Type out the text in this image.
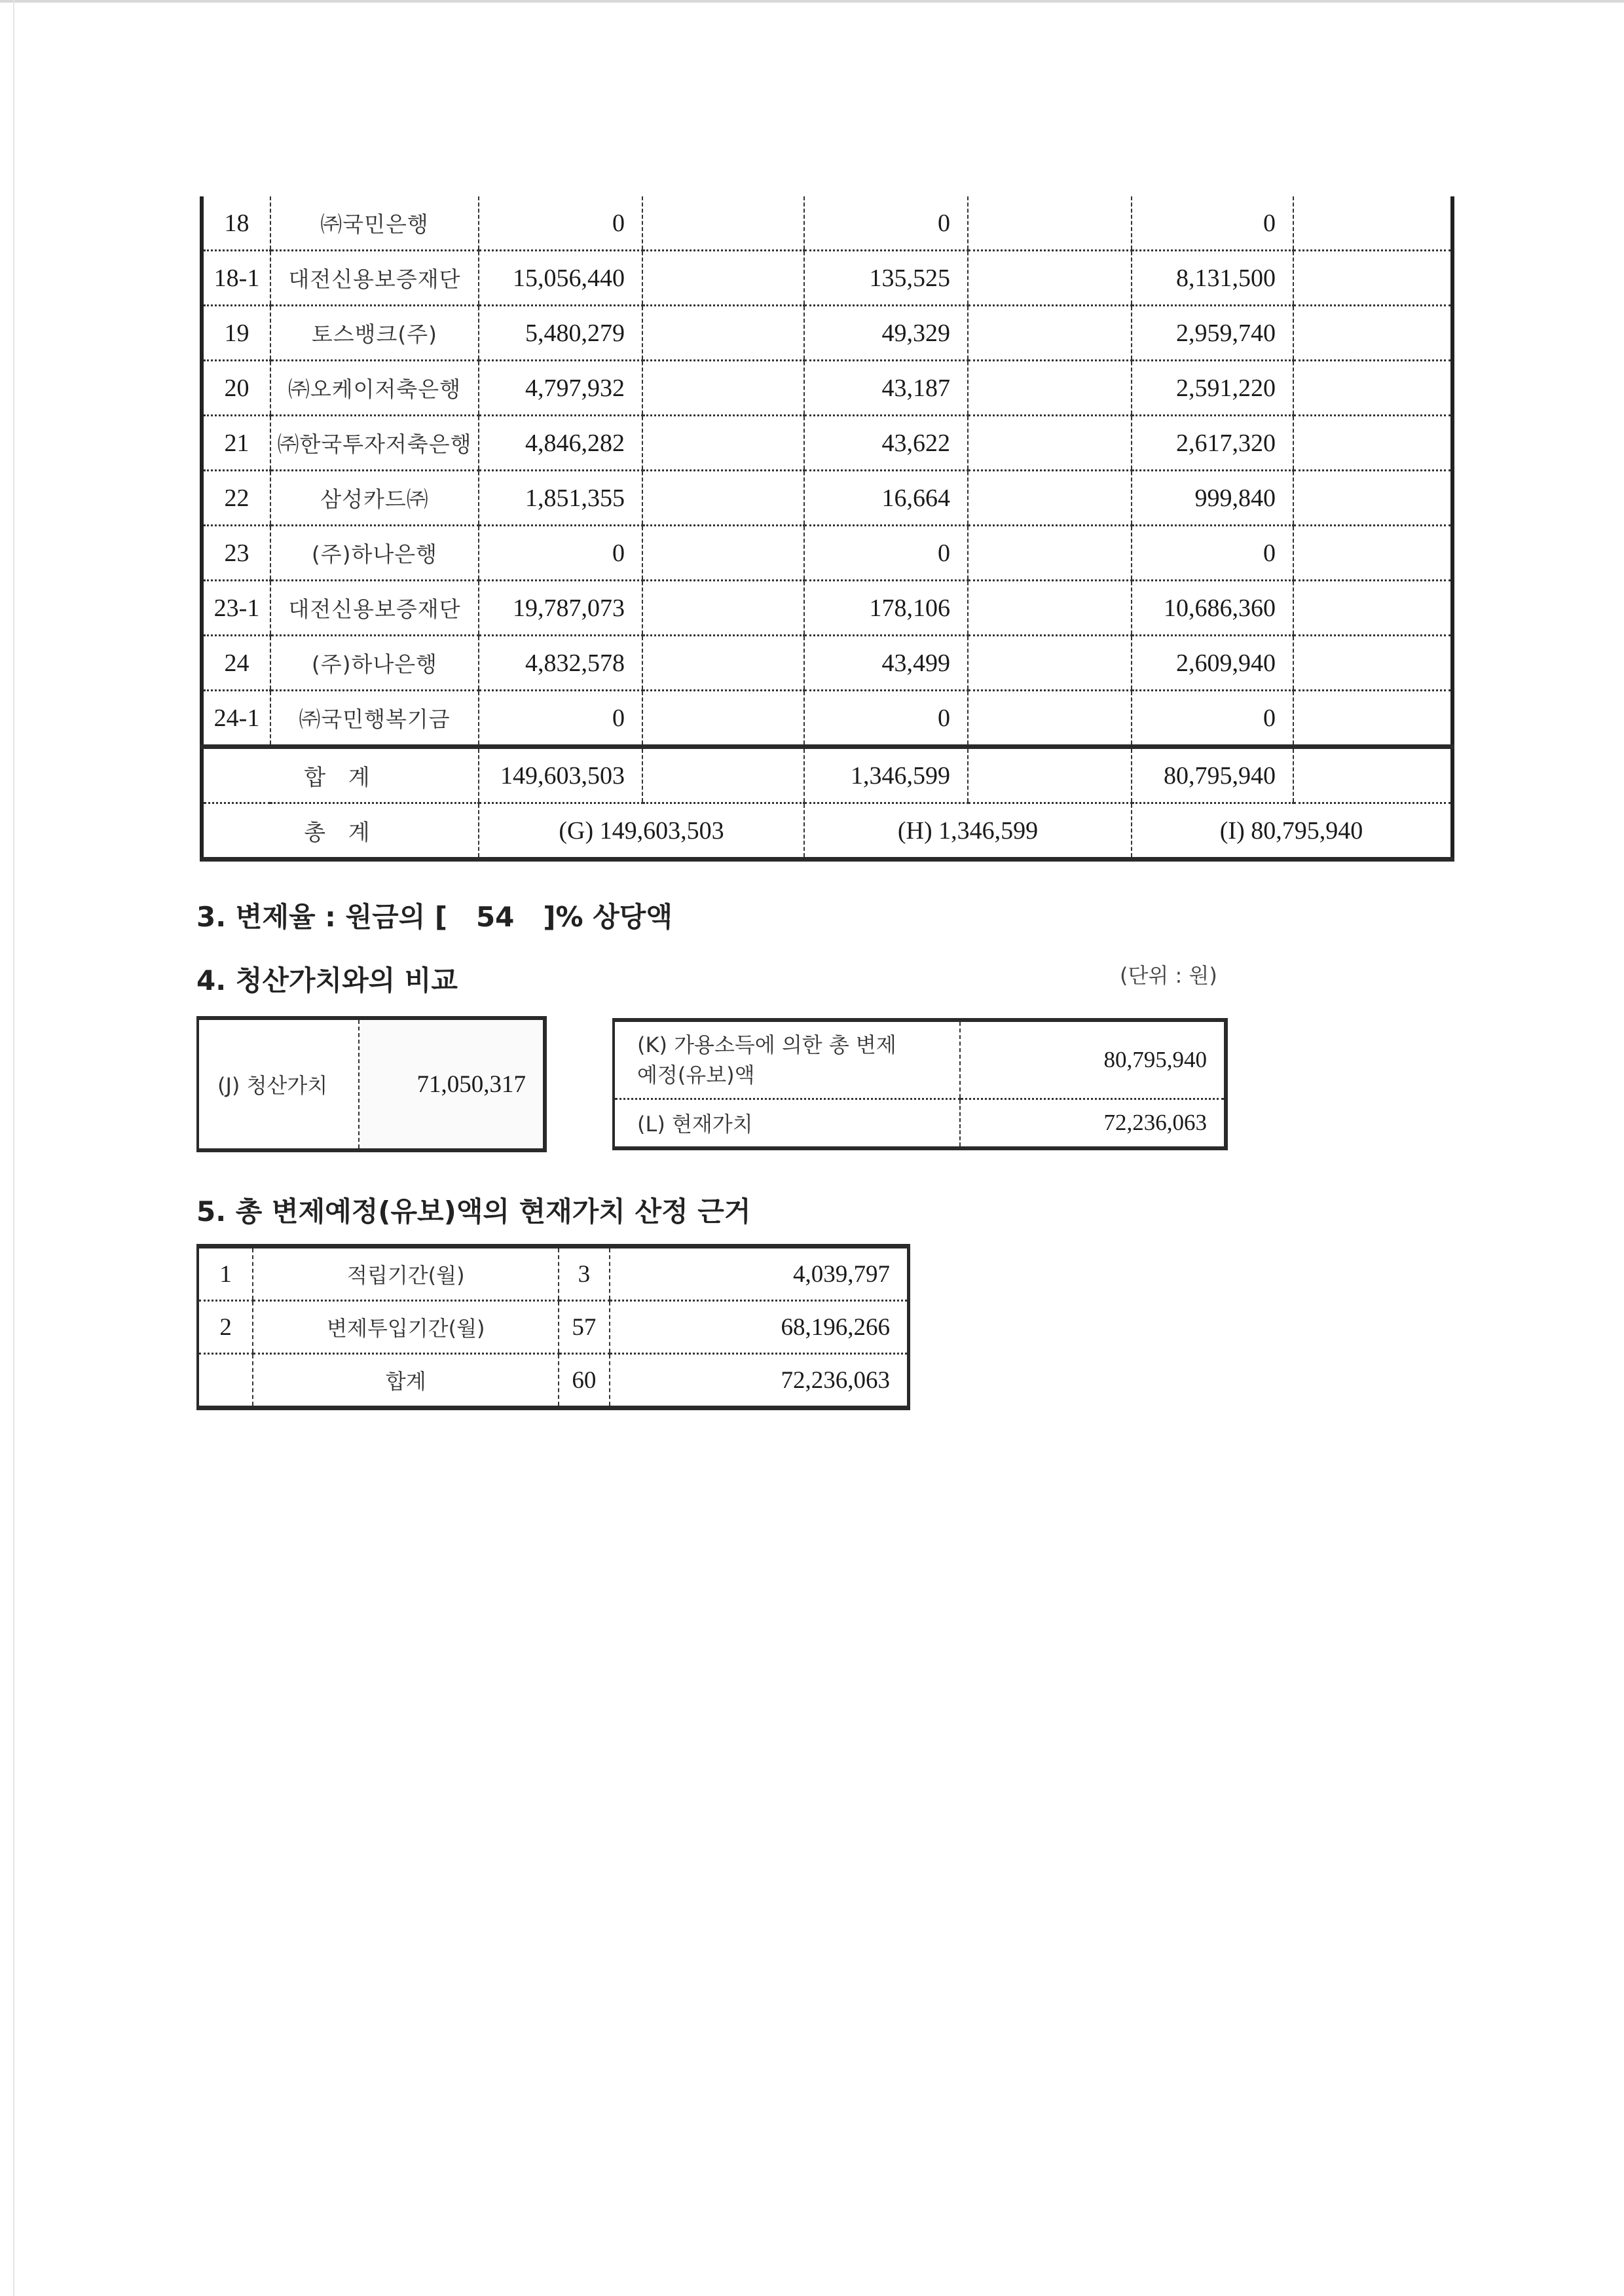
18	㈜국민은행	0		0		0	
18-1	대전신용보증재단	15,056,440		135,525		8,131,500	
19	토스뱅크(주)	5,480,279		49,329		2,959,740	
20	㈜오케이저축은행	4,797,932		43,187		2,591,220	
21	㈜한국투자저축은행	4,846,282		43,622		2,617,320	
22	삼성카드㈜	1,851,355		16,664		999,840	
23	(주)하나은행	0		0		0	
23-1	대전신용보증재단	19,787,073		178,106		10,686,360	
24	(주)하나은행	4,832,578		43,499		2,609,940	
24-1	㈜국민행복기금	0		0		0	
합 계		149,603,503		1,346,599		80,795,940	
총 계		(G) 149,603,503		(H) 1,346,599		(I) 80,795,940	
3. 변제율 : 원금의 [   54   ]% 상당액
4. 청산가치와의 비교	(단위 : 원)
(J) 청산가치	71,050,317
(K) 가용소득에 의한 총 변제
예정(유보)액	80,795,940
(L) 현재가치	72,236,063
5. 총 변제예정(유보)액의 현재가치 산정 근거
1	적립기간(월)	3	4,039,797
2	변제투입기간(월)	57	68,196,266
	합계	60	72,236,063
